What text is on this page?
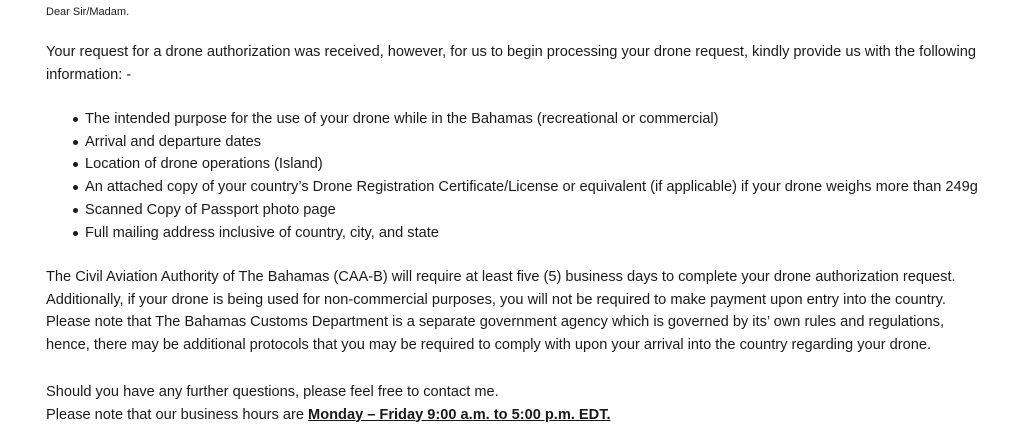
Dear Sir/Madam.
Your request for a drone authorization was received, however, for us to begin processing your drone request, kindly provide us with the following information: -
The intended purpose for the use of your drone while in the Bahamas (recreational or commercial)
Arrival and departure dates
Location of drone operations (Island)
An attached copy of your country’s Drone Registration Certificate/License or equivalent (if applicable) if your drone weighs more than 249g
Scanned Copy of Passport photo page
Full mailing address inclusive of country, city, and state
The Civil Aviation Authority of The Bahamas (CAA-B) will require at least five (5) business days to complete your drone authorization request.
Additionally, if your drone is being used for non-commercial purposes, you will not be required to make payment upon entry into the country.
Please note that The Bahamas Customs Department is a separate government agency which is governed by its’ own rules and regulations,
hence, there may be additional protocols that you may be required to comply with upon your arrival into the country regarding your drone.
Should you have any further questions, please feel free to contact me.
Please note that our business hours are Monday – Friday 9:00 a.m. to 5:00 p.m. EDT.
